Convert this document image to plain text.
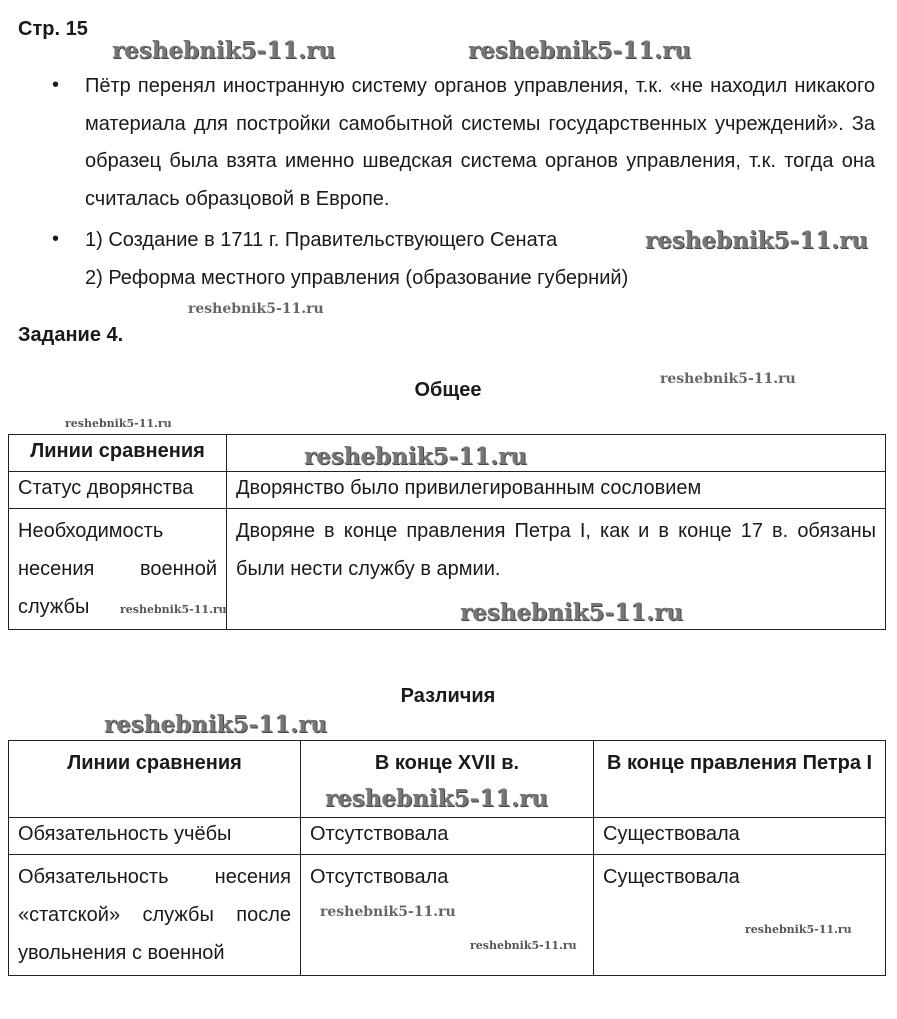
Стр. 15
• Пётр перенял иностранную систему органов управления, т.к. «не находил никакого материала для постройки самобытной системы государственных учреждений». За образец была взята именно шведская система органов управления, т.к. тогда она считалась образцовой в Европе.
• 1) Создание в 1711 г. Правительствующего Сената
2) Реформа местного управления (образование губерний)
Задание 4.
Общее
Линии сравнения	
Статус дворянства	Дворянство было привилегированным сословием
Необходимость несения военной службы	Дворяне в конце правления Петра I, как и в конце 17 в. обязаны были нести службу в армии.
Различия
Линии сравнения	В конце XVII в.	В конце правления Петра I
Обязательность учёбы	Отсутствовала	Существовала
Обязательность несения «статской» службы после увольнения с военной	Отсутствовала	Существовала
reshebnik5-11.ru	reshebnik5-11.ru
reshebnik5-11.ru
reshebnik5-11.ru
reshebnik5-11.ru
reshebnik5-11.ru
reshebnik5-11.ru
reshebnik5-11.ru	reshebnik5-11.ru
reshebnik5-11.ru
reshebnik5-11.ru
reshebnik5-11.ru
reshebnik5-11.ru
reshebnik5-11.ru
